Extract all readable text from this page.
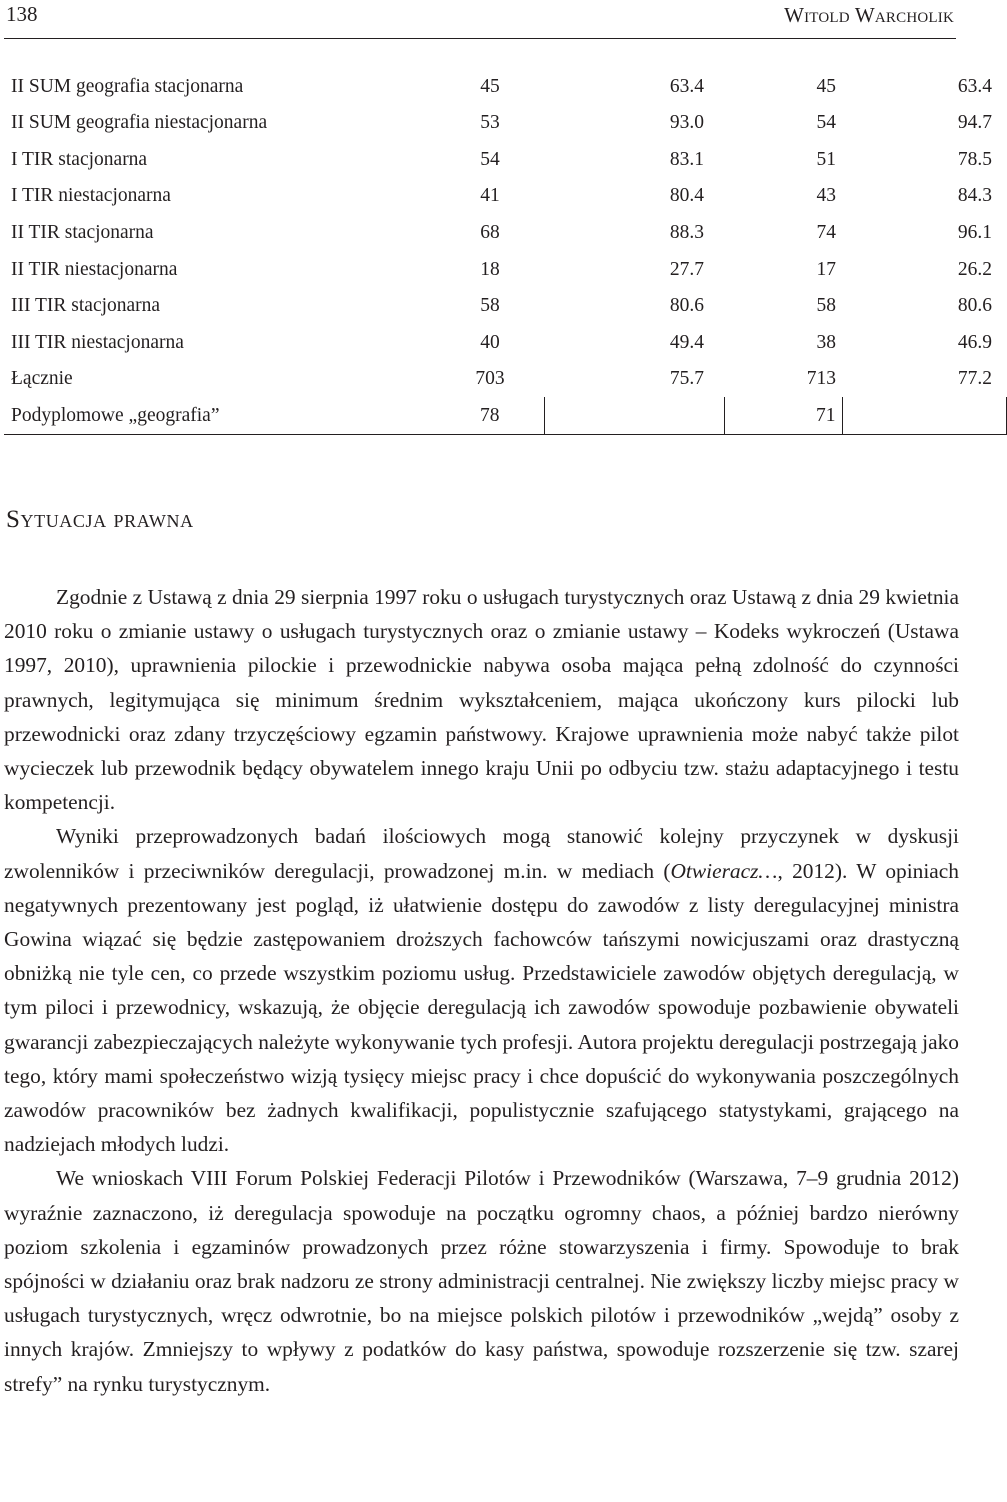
138	Witold Warcholik
II SUM geografia stacjonarna	45	63.4	45	63.4
II SUM geografia niestacjonarna	53	93.0	54	94.7
I TIR stacjonarna	54	83.1	51	78.5
I TIR niestacjonarna	41	80.4	43	84.3
II TIR stacjonarna	68	88.3	74	96.1
II TIR niestacjonarna	18	27.7	17	26.2
III TIR stacjonarna	58	80.6	58	80.6
III TIR niestacjonarna	40	49.4	38	46.9
Łącznie	703	75.7	713	77.2
Podyplomowe „geografia”	78		71	
Sytuacja prawna

Zgodnie z Ustawą z dnia 29 sierpnia 1997 roku o usługach turystycznych oraz Ustawą z dnia 29 kwietnia 2010 roku o zmianie ustawy o usługach turystycznych oraz o zmianie ustawy – Kodeks wykroczeń (Ustawa 1997, 2010), uprawnienia pilockie i przewodnickie nabywa osoba mająca pełną zdolność do czynności prawnych, legitymująca się minimum średnim wykształceniem, mająca ukończony kurs pilocki lub przewodnicki oraz zdany trzyczęściowy egzamin państwowy. Krajowe uprawnienia może nabyć także pilot wycieczek lub przewodnik będący obywatelem innego kraju Unii po odbyciu tzw. stażu adaptacyjnego i testu kompetencji.

Wyniki przeprowadzonych badań ilościowych mogą stanowić kolejny przyczynek w dyskusji zwolenników i przeciwników deregulacji, prowadzonej m.in. w mediach (Otwieracz…, 2012). W opiniach negatywnych prezentowany jest pogląd, iż ułatwienie dostępu do zawodów z listy deregulacyjnej ministra Gowina wiązać się będzie zastępowaniem droższych fachowców tańszymi nowicjuszami oraz drastyczną obniżką nie tyle cen, co przede wszystkim poziomu usług. Przedstawiciele zawodów objętych deregulacją, w tym piloci i przewodnicy, wskazują, że objęcie deregulacją ich zawodów spowoduje pozbawienie obywateli gwarancji zabezpieczających należyte wykonywanie tych profesji. Autora projektu deregulacji postrzegają jako tego, który mami społeczeństwo wizją tysięcy miejsc pracy i chce dopuścić do wykonywania poszczególnych zawodów pracowników bez żadnych kwalifikacji, populistycznie szafującego statystykami, grającego na nadziejach młodych ludzi.

We wnioskach VIII Forum Polskiej Federacji Pilotów i Przewodników (Warszawa, 7–9 grudnia 2012) wyraźnie zaznaczono, iż deregulacja spowoduje na początku ogromny chaos, a później bardzo nierówny poziom szkolenia i egzaminów prowadzonych przez różne stowarzyszenia i firmy. Spowoduje to brak spójności w działaniu oraz brak nadzoru ze strony administracji centralnej. Nie zwiększy liczby miejsc pracy w usługach turystycznych, wręcz odwrotnie, bo na miejsce polskich pilotów i przewodników „wejdą” osoby z innych krajów. Zmniejszy to wpływy z podatków do kasy państwa, spowoduje rozszerzenie się tzw. szarej strefy” na rynku turystycznym.
